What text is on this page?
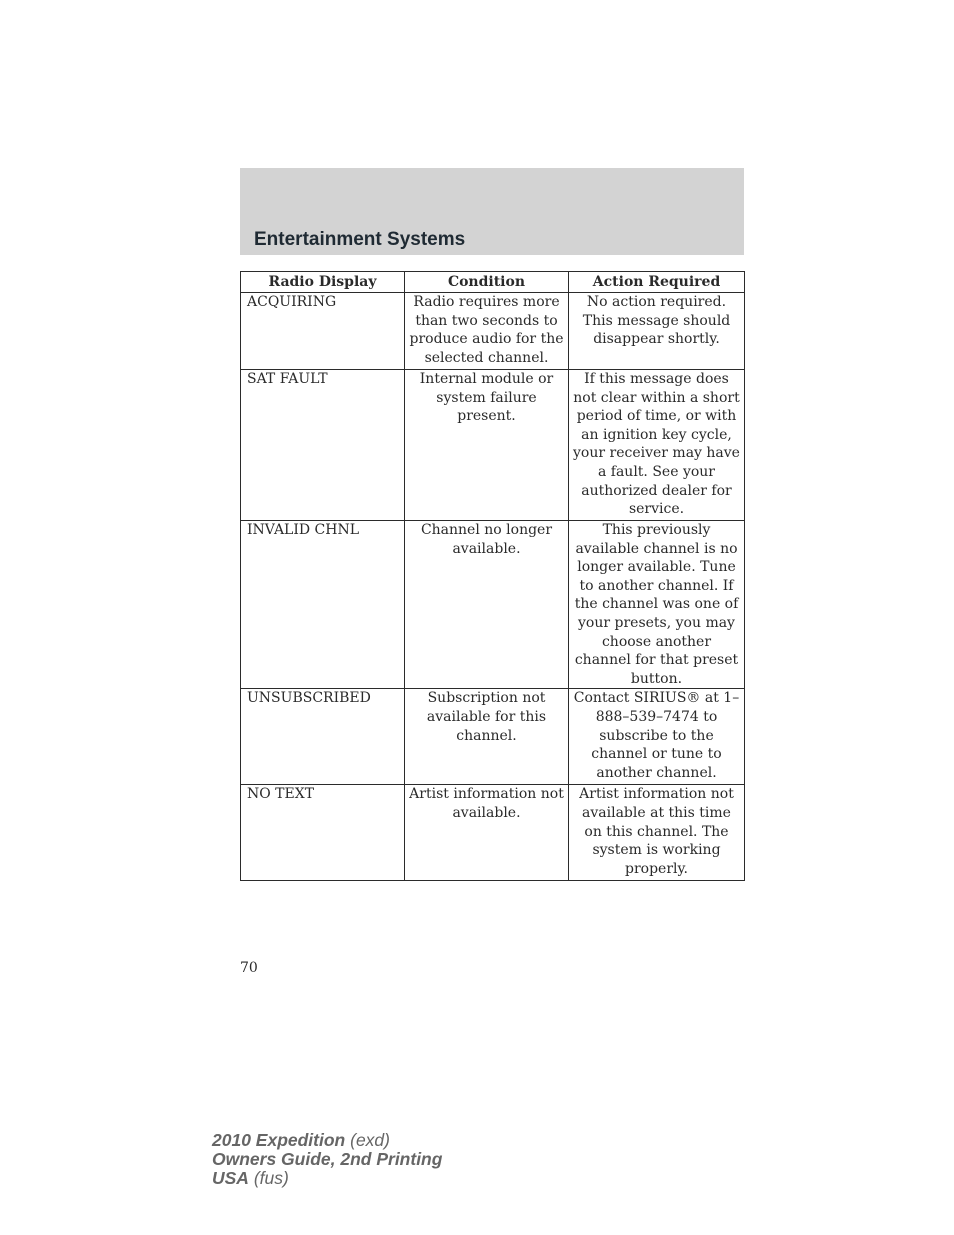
Entertainment Systems
Radio Display	Condition	Action Required
ACQUIRING	Radio requires more than two seconds to produce audio for the selected channel.	No action required. This message should disappear shortly.
SAT FAULT	Internal module or system failure present.	If this message does not clear within a short period of time, or with an ignition key cycle, your receiver may have a fault. See your authorized dealer for service.
INVALID CHNL	Channel no longer available.	This previously available channel is no longer available. Tune to another channel. If the channel was one of your presets, you may choose another channel for that preset button.
UNSUBSCRIBED	Subscription not available for this channel.	Contact SIRIUS® at 1–888–539–7474 to subscribe to the channel or tune to another channel.
NO TEXT	Artist information not available.	Artist information not available at this time on this channel. The system is working properly.
70
2010 Expedition (exd)
Owners Guide, 2nd Printing
USA (fus)
